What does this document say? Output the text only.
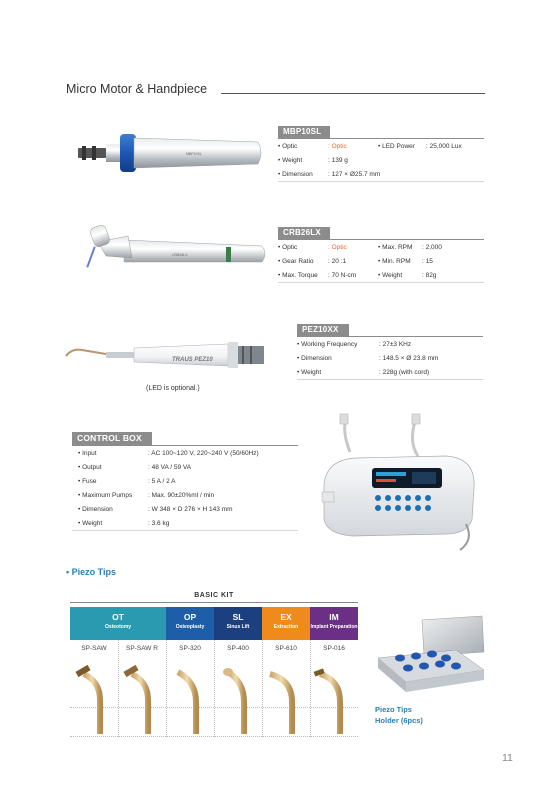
Micro Motor & Handpiece
MBP10SL
MBP10SL
• Optic	: Optic	• LED Power	: 25,000 Lux
• Weight	: 139 g
• Dimension	: 127 × Ø25.7 mm
CRB26LX
CRB26LX
• Optic	: Optic	• Max. RPM	: 2,000
• Gear Ratio	: 20 :1	• Min. RPM	: 15
• Max. Torque	: 70 N-cm	• Weight	: 82g
TRAUS PEZ10
(LED is optional.)
PEZ10XX
• Working Frequency	: 27±3 KHz
• Dimension	: 148.5 × Ø 23.8 mm
• Weight	: 228g (with cord)
CONTROL BOX
• Input	: AC 100~120 V, 220~240 V (50/60Hz)
• Output	: 48 VA / 59 VA
• Fuse	: 5 A / 2 A
• Maximum Pumps	: Max. 90±20%ml / min
• Dimension	: W 348 × D 276 × H 143 mm
• Weight	: 3.6 kg
• Piezo Tips
BASIC KIT
OT
Osteotomy
OP
Osteoplasty
SL
Sinus Lift
EX
Extraction
IM
Implant Preparation
SP-SAW	SP-SAW R	SP-320	SP-400	SP-610	SP-016
Piezo Tips
Holder (6pcs)
11
